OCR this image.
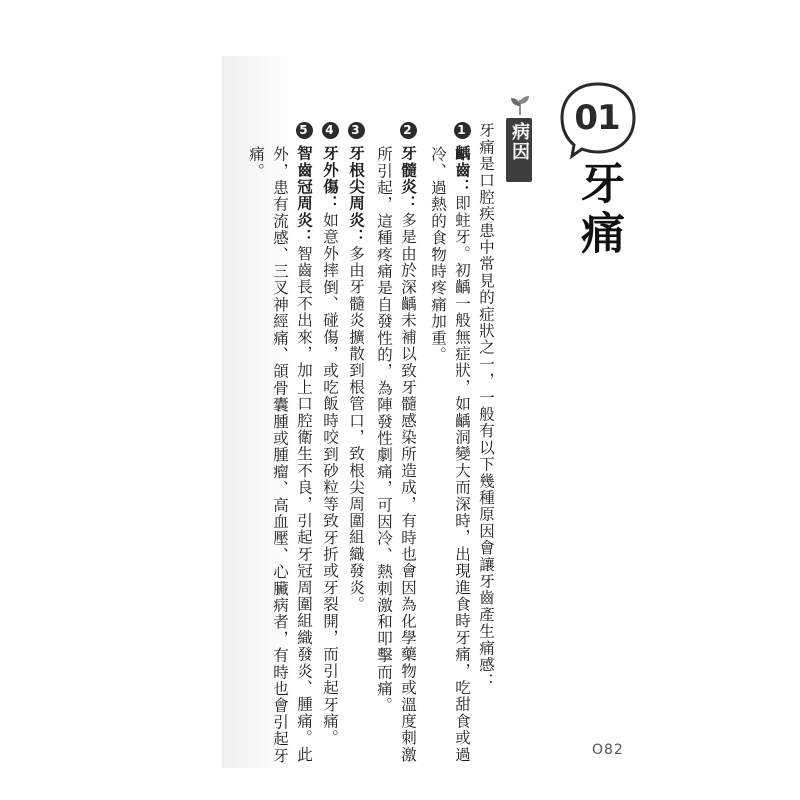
01
牙痛
病因
牙痛是口腔疾患中常見的症狀之一，一般有以下幾種原因會讓牙齒產生痛感：
1齲齒：即蛀牙。初齲一般無症狀，如齲洞變大而深時，出現進食時牙痛，吃甜食或過
冷、過熱的食物時疼痛加重。
2牙髓炎：多是由於深齲未補以致牙髓感染所造成，有時也會因為化學藥物或溫度刺激
所引起，這種疼痛是自發性的，為陣發性劇痛，可因冷、熱刺激和叩擊而痛。
3牙根尖周炎：多由牙髓炎擴散到根管口，致根尖周圍組織發炎。
4牙外傷：如意外摔倒、碰傷，或吃飯時咬到砂粒等致牙折或牙裂開，而引起牙痛。
5智齒冠周炎：智齒長不出來，加上口腔衛生不良，引起牙冠周圍組織發炎、腫痛。此
外，患有流感、三叉神經痛、頜骨囊腫或腫瘤、高血壓、心臟病者，有時也會引起牙
痛。
O82
